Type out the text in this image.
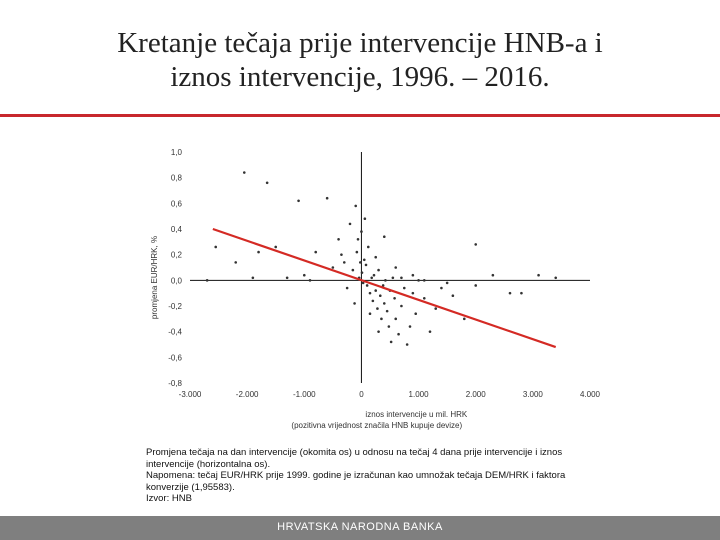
Kretanje tečaja prije intervencije HNB-a i
iznos intervencije, 1996. – 2016.
1,0
0,8
0,6
0,4
0,2
0,0
-0,2
-0,4
-0,6
-0,8
-3.000	-2.000	-1.000	0	1.000	2.000	3.000	4.000
promjena EUR/HRK, %
iznos intervencije u mil. HRK
(pozitivna vrijednost značila HNB kupuje devize)
Promjena tečaja na dan intervencije (okomita os) u odnosu na tečaj 4 dana prije intervencije i iznos
intervencije (horizontalna os).
Napomena: tečaj EUR/HRK prije 1999. godine je izračunan kao umnožak tečaja DEM/HRK i faktora
konverzije (1,95583).
Izvor: HNB
HRVATSKA NARODNA BANKA
